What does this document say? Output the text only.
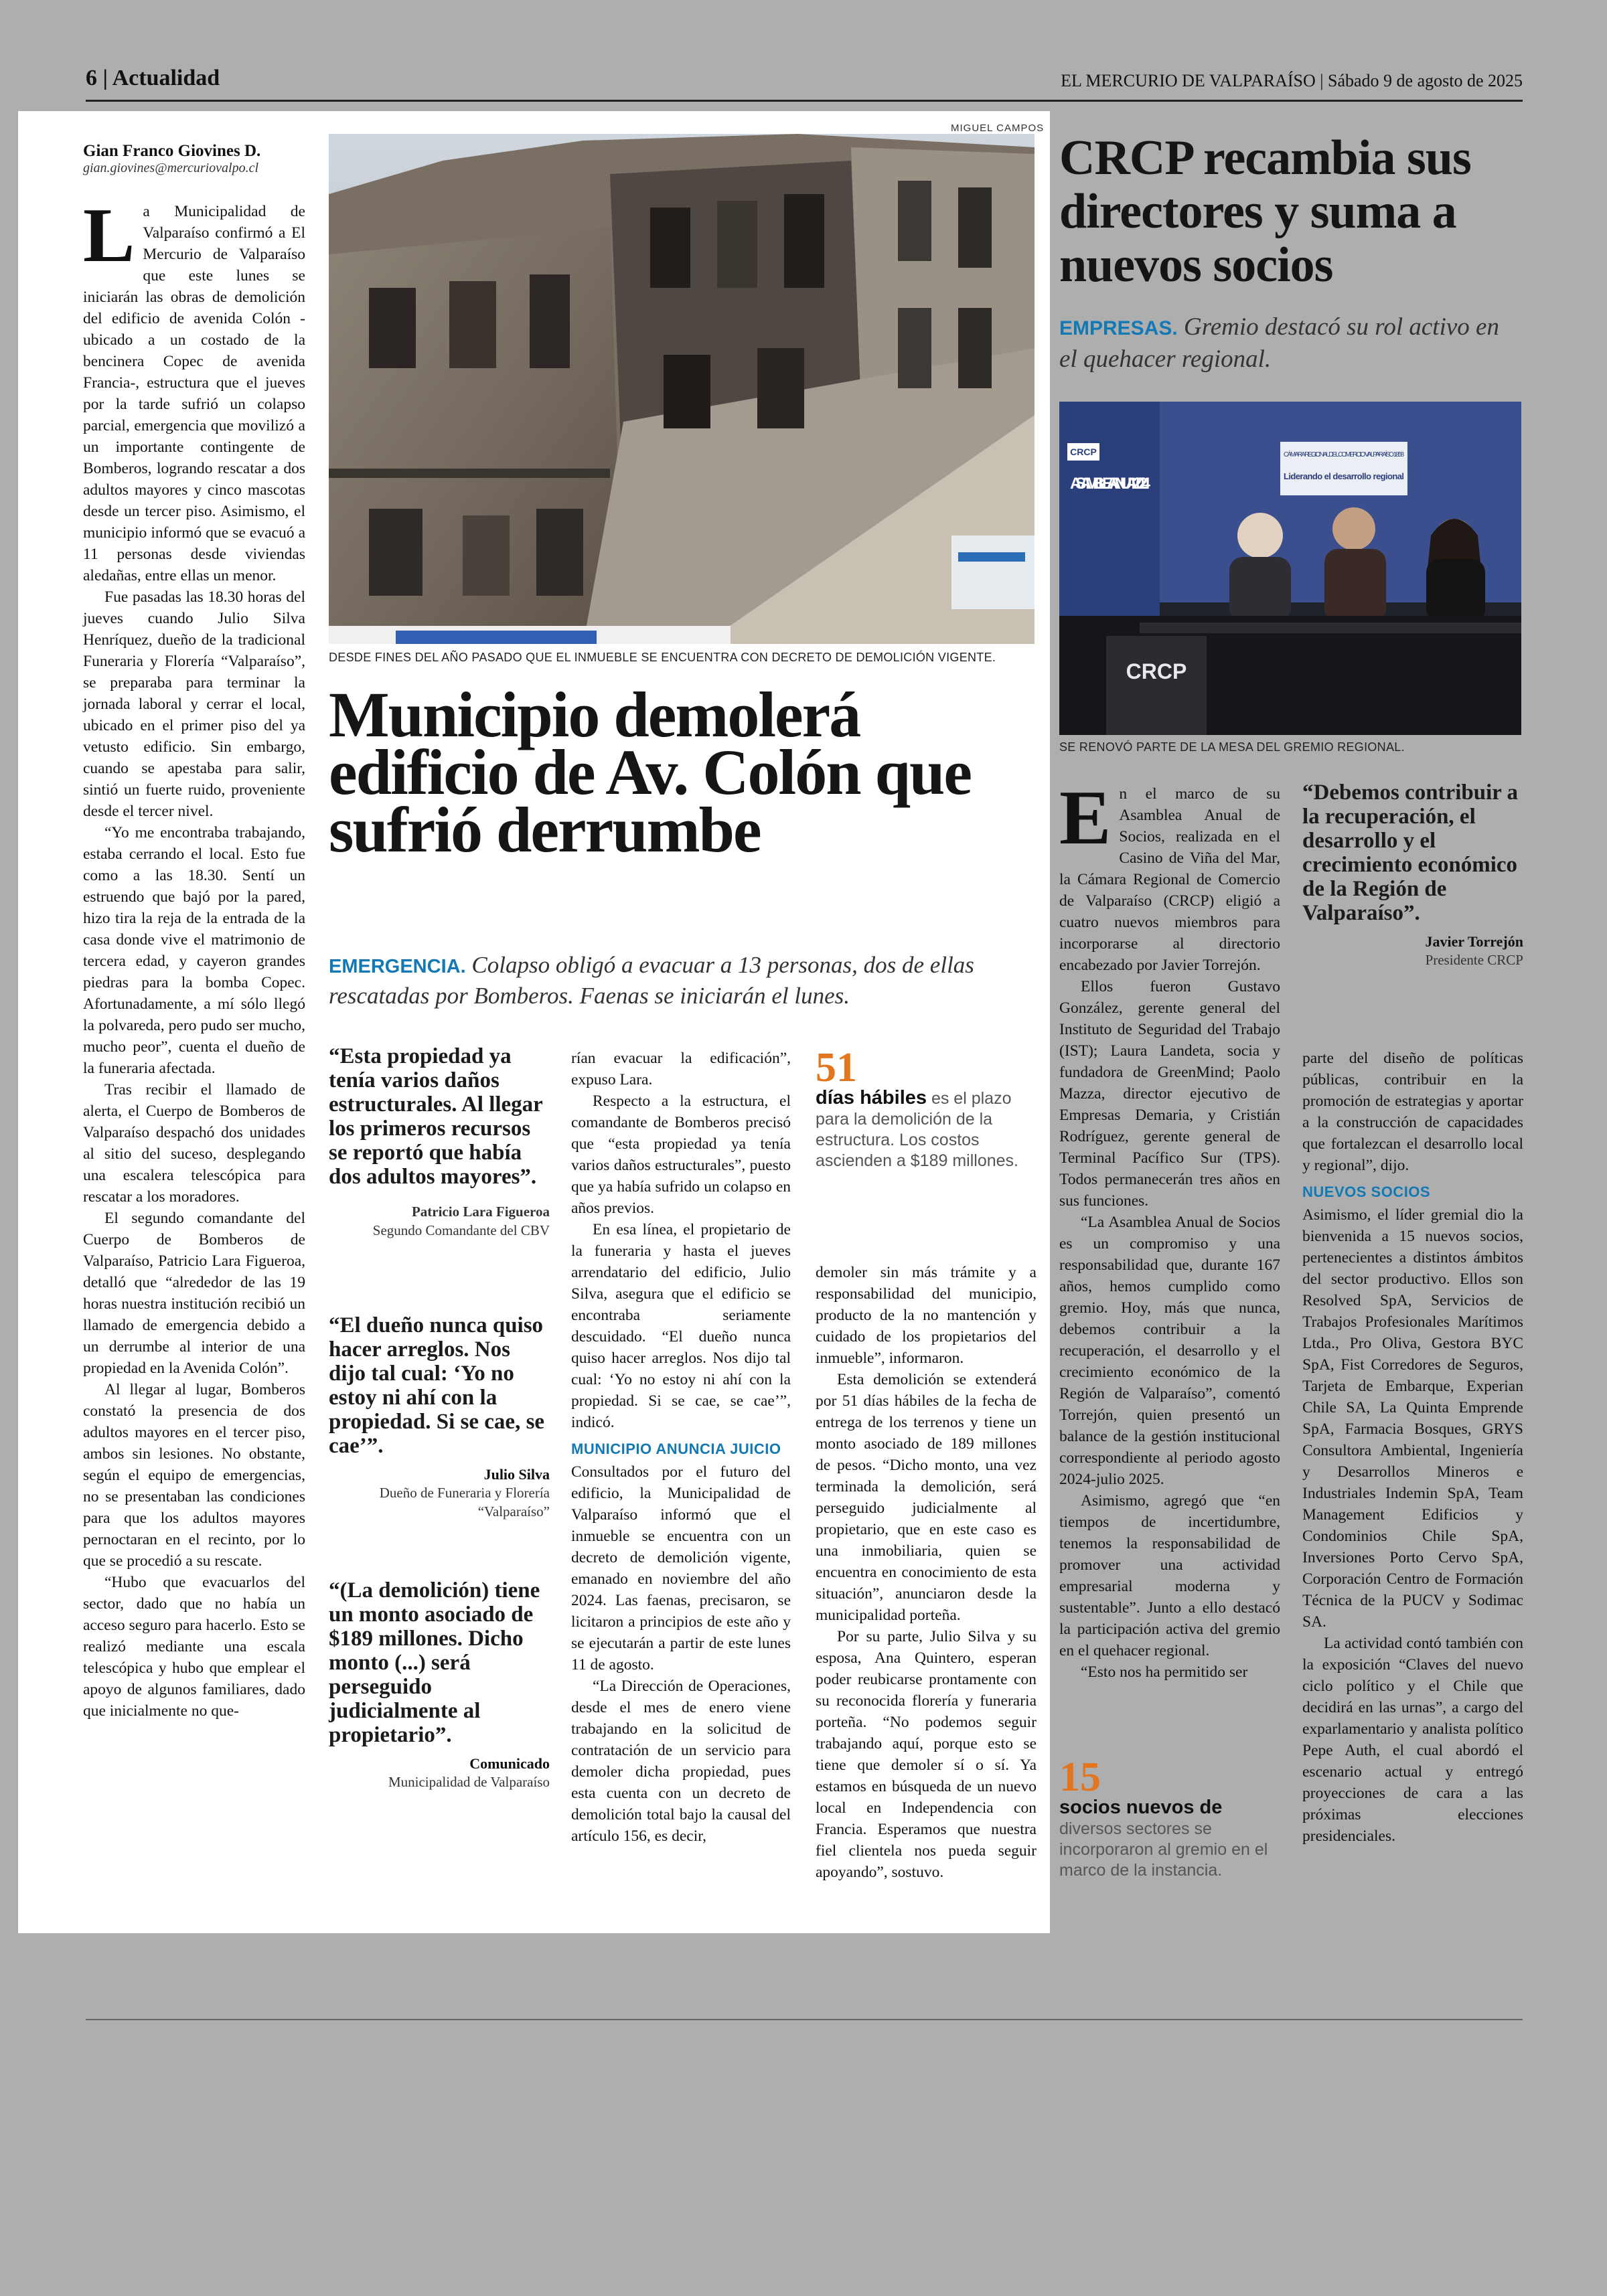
6 | Actualidad	EL MERCURIO DE VALPARAÍSO | Sábado 9 de agosto de 2025
Gian Franco Giovines D.
gian.giovines@mercuriovalpo.cl

La Municipalidad de Valparaíso confirmó a El Mercurio de Valparaíso que este lunes se iniciarán las obras de demolición del edificio de avenida Colón -ubicado a un costado de la bencinera Copec de avenida Francia-, estructura que el jueves por la tarde sufrió un colapso parcial, emergencia que movilizó a un importante contingente de Bomberos, logrando rescatar a dos adultos mayores y cinco mascotas desde un tercer piso. Asimismo, el municipio informó que se evacuó a 11 personas desde viviendas aledañas, entre ellas un menor.

Fue pasadas las 18.30 horas del jueves cuando Julio Silva Henríquez, dueño de la tradicional Funeraria y Florería “Valparaíso”, se preparaba para terminar la jornada laboral y cerrar el local, ubicado en el primer piso del ya vetusto edificio. Sin embargo, cuando se apestaba para salir, sintió un fuerte ruido, proveniente desde el tercer nivel.

“Yo me encontraba trabajando, estaba cerrando el local. Esto fue como a las 18.30. Sentí un estruendo que bajó por la pared, hizo tira la reja de la entrada de la casa donde vive el matrimonio de tercera edad, y cayeron grandes piedras para la bomba Copec. Afortunadamente, a mí sólo llegó la polvareda, pero pudo ser mucho, mucho peor”, cuenta el dueño de la funeraria afectada.

Tras recibir el llamado de alerta, el Cuerpo de Bomberos de Valparaíso despachó dos unidades al sitio del suceso, desplegando una escalera telescópica para rescatar a los moradores.

El segundo comandante del Cuerpo de Bomberos de Valparaíso, Patricio Lara Figueroa, detalló que “alrededor de las 19 horas nuestra institución recibió un llamado de emergencia debido a un derrumbe al interior de una propiedad en la Avenida Colón”.

Al llegar al lugar, Bomberos constató la presencia de dos adultos mayores en el tercer piso, ambos sin lesiones. No obstante, según el equipo de emergencias, no se presentaban las condiciones para que los adultos mayores pernoctaran en el recinto, por lo que se procedió a su rescate.

“Hubo que evacuarlos del sector, dado que no había un acceso seguro para hacerlo. Esto se realizó mediante una escala telescópica y hubo que emplear el apoyo de algunos familiares, dado que inicialmente no que-

MIGUEL CAMPOS
DESDE FINES DEL AÑO PASADO QUE EL INMUEBLE SE ENCUENTRA CON DECRETO DE DEMOLICIÓN VIGENTE.
Municipio demolerá edificio de Av. Colón que sufrió derrumbe
EMERGENCIA. Colapso obligó a evacuar a 13 personas, dos de ellas rescatadas por Bomberos. Faenas se iniciarán el lunes.
“Esta propiedad ya tenía varios daños estructurales. Al llegar los primeros recursos se reportó que había dos adultos mayores”.
Patricio Lara Figueroa
Segundo Comandante del CBV
“El dueño nunca quiso hacer arreglos. Nos dijo tal cual: ‘Yo no estoy ni ahí con la propiedad. Si se cae, se cae’”.
Julio Silva
Dueño de Funeraria y Florería “Valparaíso”
“(La demolición) tiene un monto asociado de $189 millones. Dicho monto (...) será perseguido judicialmente al propietario”.
Comunicado
Municipalidad de Valparaíso

rían evacuar la edificación”, expuso Lara.

Respecto a la estructura, el comandante de Bomberos precisó que “esta propiedad ya tenía varios daños estructurales”, puesto que ya había sufrido un colapso en años previos.

En esa línea, el propietario de la funeraria y hasta el jueves arrendatario del edificio, Julio Silva, asegura que el edificio se encontraba seriamente descuidado. “El dueño nunca quiso hacer arreglos. Nos dijo tal cual: ‘Yo no estoy ni ahí con la propiedad. Si se cae, se cae’”, indicó.

MUNICIPIO ANUNCIA JUICIO

Consultados por el futuro del edificio, la Municipalidad de Valparaíso informó que el inmueble se encuentra con un decreto de demolición vigente, emanado en noviembre del año 2024. Las faenas, precisaron, se licitaron a principios de este año y se ejecutarán a partir de este lunes 11 de agosto.

“La Dirección de Operaciones, desde el mes de enero viene trabajando en la solicitud de contratación de un servicio para demoler dicha propiedad, pues esta cuenta con un decreto de demolición total bajo la causal del artículo 156, es decir,

51
días hábiles es el plazo para la demolición de la estructura. Los costos ascienden a $189 millones.

demoler sin más trámite y a responsabilidad del municipio, producto de la no mantención y cuidado de los propietarios del inmueble”, informaron.

Esta demolición se extenderá por 51 días hábiles de la fecha de entrega de los terrenos y tiene un monto asociado de 189 millones de pesos. “Dicho monto, una vez terminada la demolición, será perseguido judicialmente al propietario, que en este caso es una inmobiliaria, quien se encuentra en conocimiento de esta situación”, anunciaron desde la municipalidad porteña.

Por su parte, Julio Silva y su esposa, Ana Quintero, esperan poder reubicarse prontamente con su reconocida florería y funeraria porteña. “No podemos seguir trabajando aquí, porque esto se tiene que demoler sí o sí. Ya estamos en búsqueda de un nuevo local en Independencia con Francia. Esperamos que nuestra fiel clientela nos pueda seguir apoyando”, sostuvo.

CRCP recambia sus directores y suma a nuevos socios
EMPRESAS. Gremio destacó su rol activo en el quehacer regional.
CRCP
ASAMBLEA ANUAL 2024
CÁMARA REGIONAL DEL COMERCIO VALPARAÍSO 1858
Liderando el desarrollo regional
CRCP
SE RENOVÓ PARTE DE LA MESA DEL GREMIO REGIONAL.

En el marco de su Asamblea Anual de Socios, realizada en el Casino de Viña del Mar, la Cámara Regional de Comercio de Valparaíso (CRCP) eligió a cuatro nuevos miembros para incorporarse al directorio encabezado por Javier Torrejón.

Ellos fueron Gustavo González, gerente general del Instituto de Seguridad del Trabajo (IST); Laura Landeta, socia y fundadora de GreenMind; Paolo Mazza, director ejecutivo de Empresas Demaria, y Cristián Rodríguez, gerente general de Terminal Pacífico Sur (TPS). Todos permanecerán tres años en sus funciones.

“La Asamblea Anual de Socios es un compromiso y una responsabilidad que, durante 167 años, hemos cumplido como gremio. Hoy, más que nunca, debemos contribuir a la recuperación, el desarrollo y el crecimiento económico de la Región de Valparaíso”, comentó Torrejón, quien presentó un balance de la gestión institucional correspondiente al periodo agosto 2024-julio 2025.

Asimismo, agregó que “en tiempos de incertidumbre, tenemos la responsabilidad de promover una actividad empresarial moderna y sustentable”. Junto a ello destacó la participación activa del gremio en el quehacer regional.

“Esto nos ha permitido ser

“Debemos contribuir a la recuperación, el desarrollo y el crecimiento económico de la Región de Valparaíso”.
Javier Torrejón
Presidente CRCP

parte del diseño de políticas públicas, contribuir en la promoción de estrategias y aportar a la construcción de capacidades que fortalezcan el desarrollo local y regional”, dijo.

NUEVOS SOCIOS

Asimismo, el líder gremial dio la bienvenida a 15 nuevos socios, pertenecientes a distintos ámbitos del sector productivo. Ellos son Resolved SpA, Servicios de Trabajos Profesionales Marítimos Ltda., Pro Oliva, Gestora BYC SpA, Fist Corredores de Seguros, Tarjeta de Embarque, Experian Chile SA, La Quinta Emprende SpA, Farmacia Bosques, GRYS Consultora Ambiental, Ingeniería y Desarrollos Mineros e Industriales Indemin SpA, Team Management Edificios y Condominios Chile SpA, Inversiones Porto Cervo SpA, Corporación Centro de Formación Técnica de la PUCV y Sodimac SA.

La actividad contó también con la exposición “Claves del nuevo ciclo político y el Chile que decidirá en las urnas”, a cargo del exparlamentario y analista político Pepe Auth, el cual abordó el escenario actual y entregó proyecciones de cara a las próximas elecciones presidenciales.

15
socios nuevos de diversos sectores se incorporaron al gremio en el marco de la instancia.
